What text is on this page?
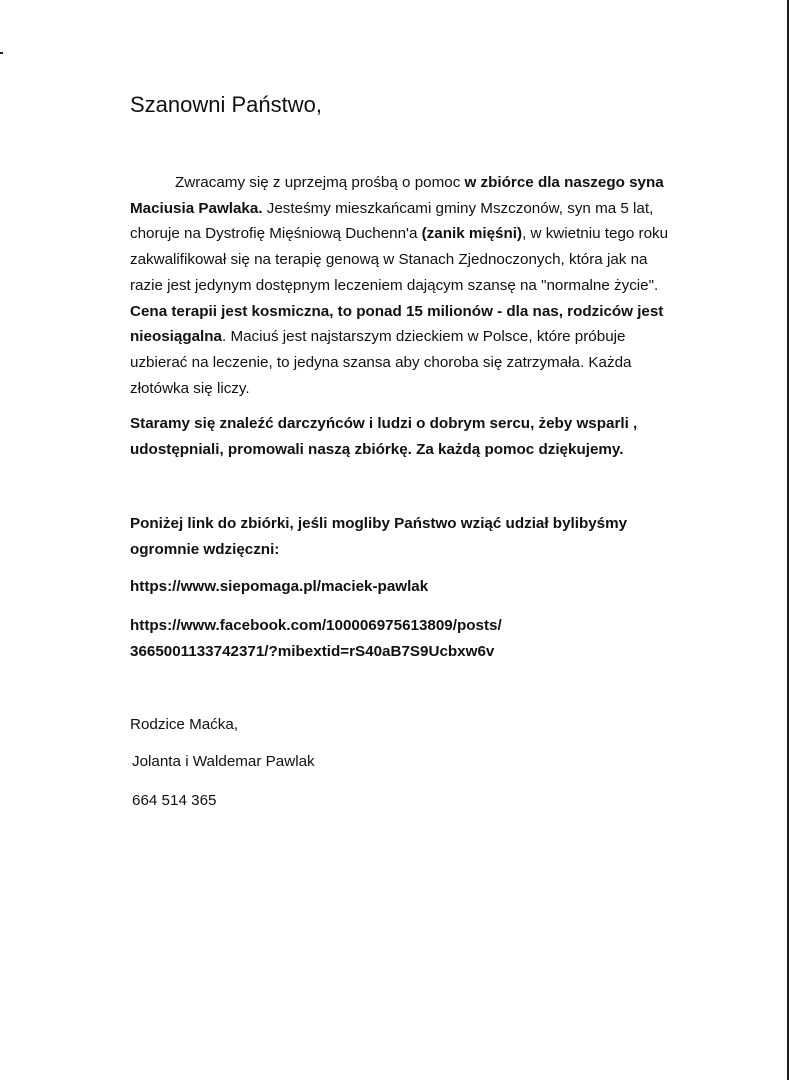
Szanowni Państwo,

Zwracamy się z uprzejmą prośbą o pomoc w zbiórce dla naszego syna Maciusia Pawlaka. Jesteśmy mieszkańcami gminy Mszczonów, syn ma 5 lat, choruje na Dystrofię Mięśniową Duchenn'a (zanik mięśni), w kwietniu tego roku zakwalifikował się na terapię genową w Stanach Zjednoczonych, która jak na razie jest jedynym dostępnym leczeniem dającym szansę na "normalne życie". Cena terapii jest kosmiczna, to ponad 15 milionów - dla nas, rodziców jest nieosiągalna. Maciuś jest najstarszym dzieckiem w Polsce, które próbuje uzbierać na leczenie, to jedyna szansa aby choroba się zatrzymała. Każda złotówka się liczy.

Staramy się znaleźć darczyńców i ludzi o dobrym sercu, żeby wsparli , udostępniali, promowali naszą zbiórkę. Za każdą pomoc dziękujemy.

Poniżej link do zbiórki, jeśli mogliby Państwo wziąć udział bylibyśmy ogromnie wdzięczni:

https://www.siepomaga.pl/maciek-pawlak

https://www.facebook.com/100006975613809/posts/ 3665001133742371/?mibextid=rS40aB7S9Ucbxw6v

Rodzice Maćka,

Jolanta i Waldemar Pawlak

664 514 365
